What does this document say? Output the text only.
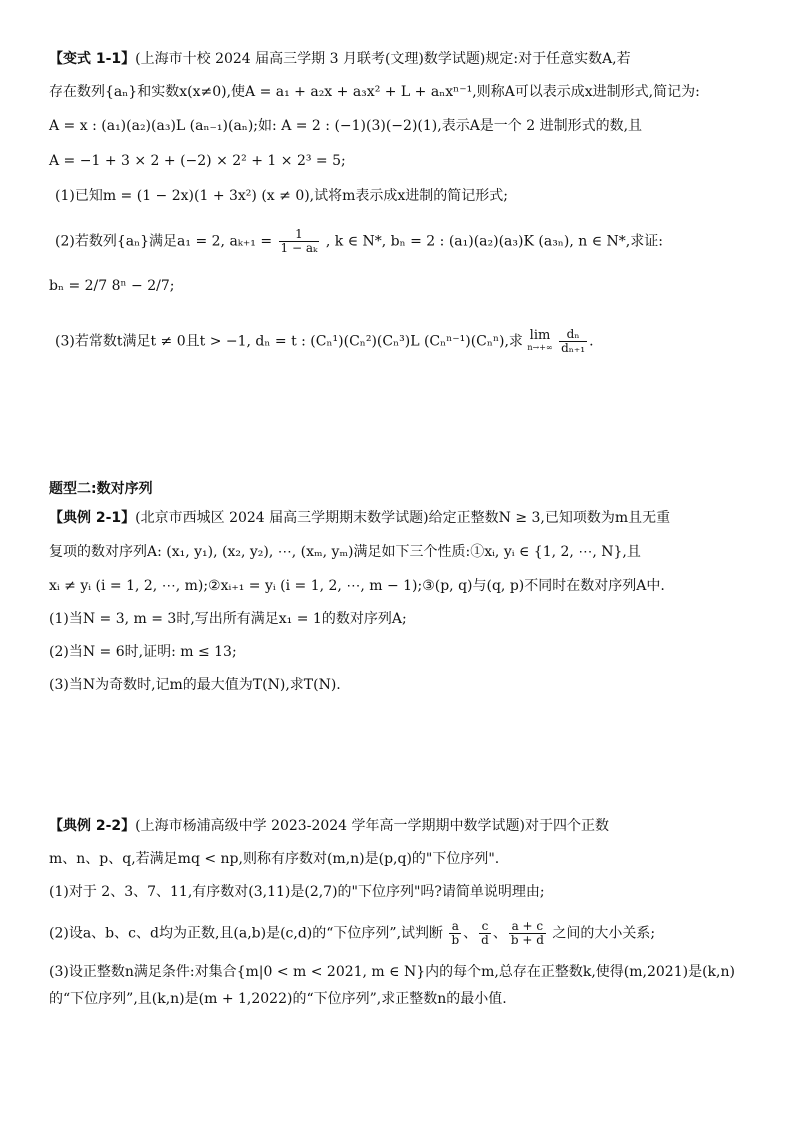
【变式 1-1】(上海市十校 2024 届高三学期 3 月联考(文理)数学试题)规定:对于任意实数A,若
存在数列{aₙ}和实数x(x≠0),使A = a₁ + a₂x + a₃x² + L + aₙxⁿ⁻¹,则称A可以表示成x进制形式,简记为:
A = x : (a₁)(a₂)(a₃)L (aₙ₋₁)(aₙ);如: A = 2 : (−1)(3)(−2)(1),表示A是一个 2 进制形式的数,且
A = −1 + 3 × 2 + (−2) × 2² + 1 × 2³ = 5;
(1)已知m = (1 − 2x)(1 + 3x²) (x ≠ 0),试将m表示成x进制的简记形式;
(2)若数列{aₙ}满足a₁ = 2, $a_{k+1} = \frac{1}{\text{1 − aₖ}}$ , k ∈ N*, bₙ = 2 : (a₁)(a₂)(a₃)K (a₃ₙ), n ∈ N*,求证:
bₙ = 2/7 8ⁿ − 2/7;
(3)若常数t满足t ≠ 0且t > −1, dₙ = t : (Cₙ¹)(Cₙ²)(Cₙ³)L (Cₙⁿ⁻¹)(Cₙⁿ),求 lim
n→+∞
$\frac{\text{dₙ}}{\text{dₙ₊₁}}$ .
题型二:数对序列
【典例 2-1】(北京市西城区 2024 届高三学期期末数学试题)给定正整数N ≥ 3,已知项数为m且无重
复项的数对序列A: (x₁, y₁), (x₂, y₂), ⋯, (xₘ, yₘ)满足如下三个性质:①xᵢ, yᵢ ∈ {1, 2, ⋯, N},且
xᵢ ≠ yᵢ (i = 1, 2, ⋯, m);②xᵢ₊₁ = yᵢ (i = 1, 2, ⋯, m − 1);③(p, q)与(q, p)不同时在数对序列A中.
(1)当N = 3, m = 3时,写出所有满足x₁ = 1的数对序列A;
(2)当N = 6时,证明: m ≤ 13;
(3)当N为奇数时,记m的最大值为T(N),求T(N).
【典例 2-2】(上海市杨浦高级中学 2023-2024 学年高一学期期中数学试题)对于四个正数
m、n、p、q,若满足mq < np,则称有序数对(m,n)是(p,q)的"下位序列".
(1)对于 2、3、7、11,有序数对(3,11)是(2,7)的"下位序列"吗?请简单说明理由;
(2)设a、b、c、d均为正数,且(a,b)是(c,d)的“下位序列”,试判断 $\frac{a}{b}$ 、 $\frac{c}{d}$ 、 $\frac{a + c}{b + d}$ 之间的大小关系;
(3)设正整数n满足条件:对集合{m|0 < m < 2021, m ∈ N}内的每个m,总存在正整数k,使得(m,2021)是(k,n)
的“下位序列”,且(k,n)是(m + 1,2022)的“下位序列”,求正整数n的最小值.
